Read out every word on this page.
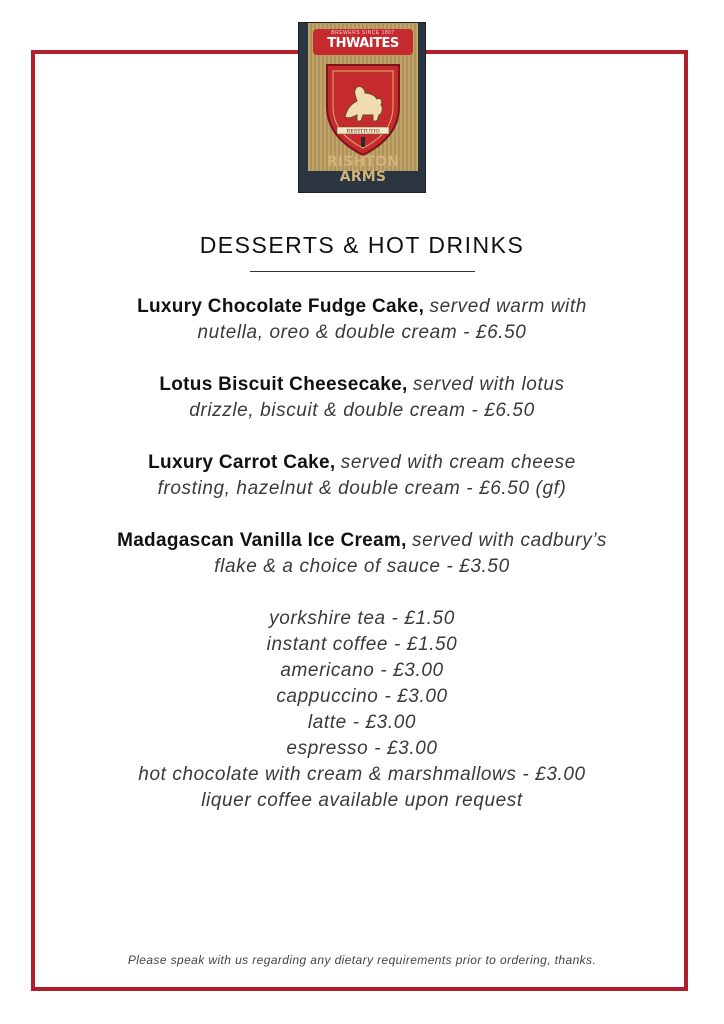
THWAITES
BREWERS SINCE 1807
RESTITUTIO
RISHTON
ARMS
DESSERTS & HOT DRINKS
Luxury Chocolate Fudge Cake, served warm with nutella, oreo & double cream - £6.50
Lotus Biscuit Cheesecake, served with lotus drizzle, biscuit & double cream - £6.50
Luxury Carrot Cake, served with cream cheese frosting, hazelnut & double cream - £6.50 (gf)
Madagascan Vanilla Ice Cream, served with cadbury’s flake & a choice of sauce - £3.50
yorkshire tea - £1.50
instant coffee - £1.50
americano - £3.00
cappuccino - £3.00
latte - £3.00
espresso - £3.00
hot chocolate with cream & marshmallows - £3.00
liquer coffee available upon request
Please speak with us regarding any dietary requirements prior to ordering, thanks.
